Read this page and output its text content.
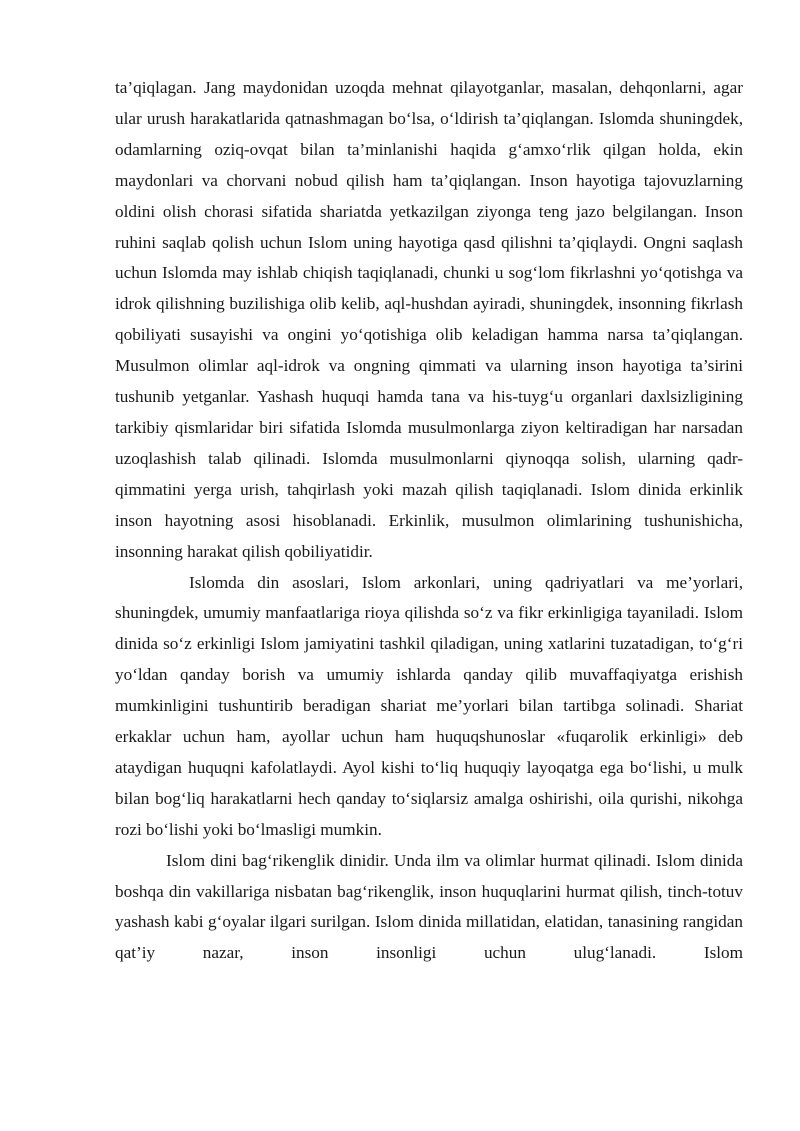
ta’qiqlagan. Jang maydonidan uzoqda mehnat qilayotganlar, masalan, dehqonlarni, agar ular urush harakatlarida qatnashmagan bo‘lsa, o‘ldirish ta’qiqlangan. Islomda shuningdek, odamlarning oziq-ovqat bilan ta’minlanishi haqida g‘amxo‘rlik qilgan holda, ekin maydonlari va chorvani nobud qilish ham ta’qiqlangan. Inson hayotiga tajovuzlarning oldini olish chorasi sifatida shariatda yetkazilgan ziyonga teng jazo belgilangan. Inson ruhini saqlab qolish uchun Islom uning hayotiga qasd qilishni ta’qiqlaydi. Ongni saqlash uchun Islomda may ishlab chiqish taqiqlanadi, chunki u sog‘lom fikrlashni yo‘qotishga va idrok qilishning buzilishiga olib kelib, aql-hushdan ayiradi, shuningdek, insonning fikrlash qobiliyati susayishi va ongini yo‘qotishiga olib keladigan hamma narsa ta’qiqlangan. Musulmon olimlar aql-idrok va ongning qimmati va ularning inson hayotiga ta’sirini tushunib yetganlar. Yashash huquqi hamda tana va his-tuyg‘u organlari daxlsizligining tarkibiy qismlaridar biri sifatida Islomda musulmonlarga ziyon keltiradigan har narsadan uzoqlashish talab qilinadi. Islomda musulmonlarni qiynoqqa solish, ularning qadr-qimmatini yerga urish, tahqirlash yoki mazah qilish taqiqlanadi. Islom dinida erkinlik inson hayotning asosi hisoblanadi. Erkinlik, musulmon olimlarining tushunishicha, insonning harakat qilish qobiliyatidir.

Islomda din asoslari, Islom arkonlari, uning qadriyatlari va me’yorlari, shuningdek, umumiy manfaatlariga rioya qilishda so‘z va fikr erkinligiga tayaniladi. Islom dinida so‘z erkinligi Islom jamiyatini tashkil qiladigan, uning xatlarini tuzatadigan, to‘g‘ri yo‘ldan qanday borish va umumiy ishlarda qanday qilib muvaffaqiyatga erishish mumkinligini tushuntirib beradigan shariat me’yorlari bilan tartibga solinadi. Shariat erkaklar uchun ham, ayollar uchun ham huquqshunoslar «fuqarolik erkinligi» deb ataydigan huquqni kafolatlaydi. Ayol kishi to‘liq huquqiy layoqatga ega bo‘lishi, u mulk bilan bog‘liq harakatlarni hech qanday to‘siqlarsiz amalga oshirishi, oila qurishi, nikohga rozi bo‘lishi yoki bo‘lmasligi mumkin.

Islom dini bag‘rikenglik dinidir. Unda ilm va olimlar hurmat qilinadi. Islom dinida boshqa din vakillariga nisbatan bag‘rikenglik, inson huquqlarini hurmat qilish, tinch-totuv yashash kabi g‘oyalar ilgari surilgan. Islom dinida millatidan, elatidan, tanasining rangidan qat’iy nazar, inson insonligi uchun ulug‘lanadi. Islom
